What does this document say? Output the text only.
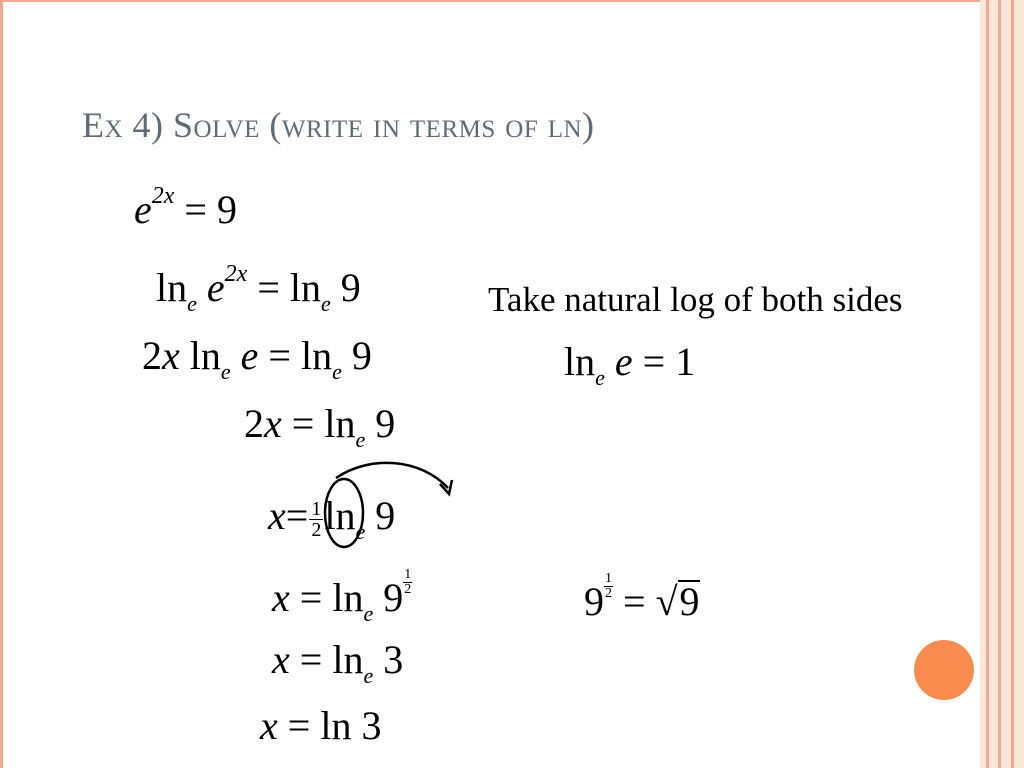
Ex 4) Solve (write in terms of ln)
$e^{2x} = 9$
$\ln_e e^{2x} = \ln_e 9$
2x $\ln_e e = \ln_e 9$
$2x = \ln_e 9$
$x= \frac{1}{2} \ln_e 9$
$x = \ln_e 9 \frac{1}{2}$
$x = \ln_e 3$
x = ln 3
Take natural log of both sides
$\ln_e e = 1$
$9 \frac{1}{2} = √9$
